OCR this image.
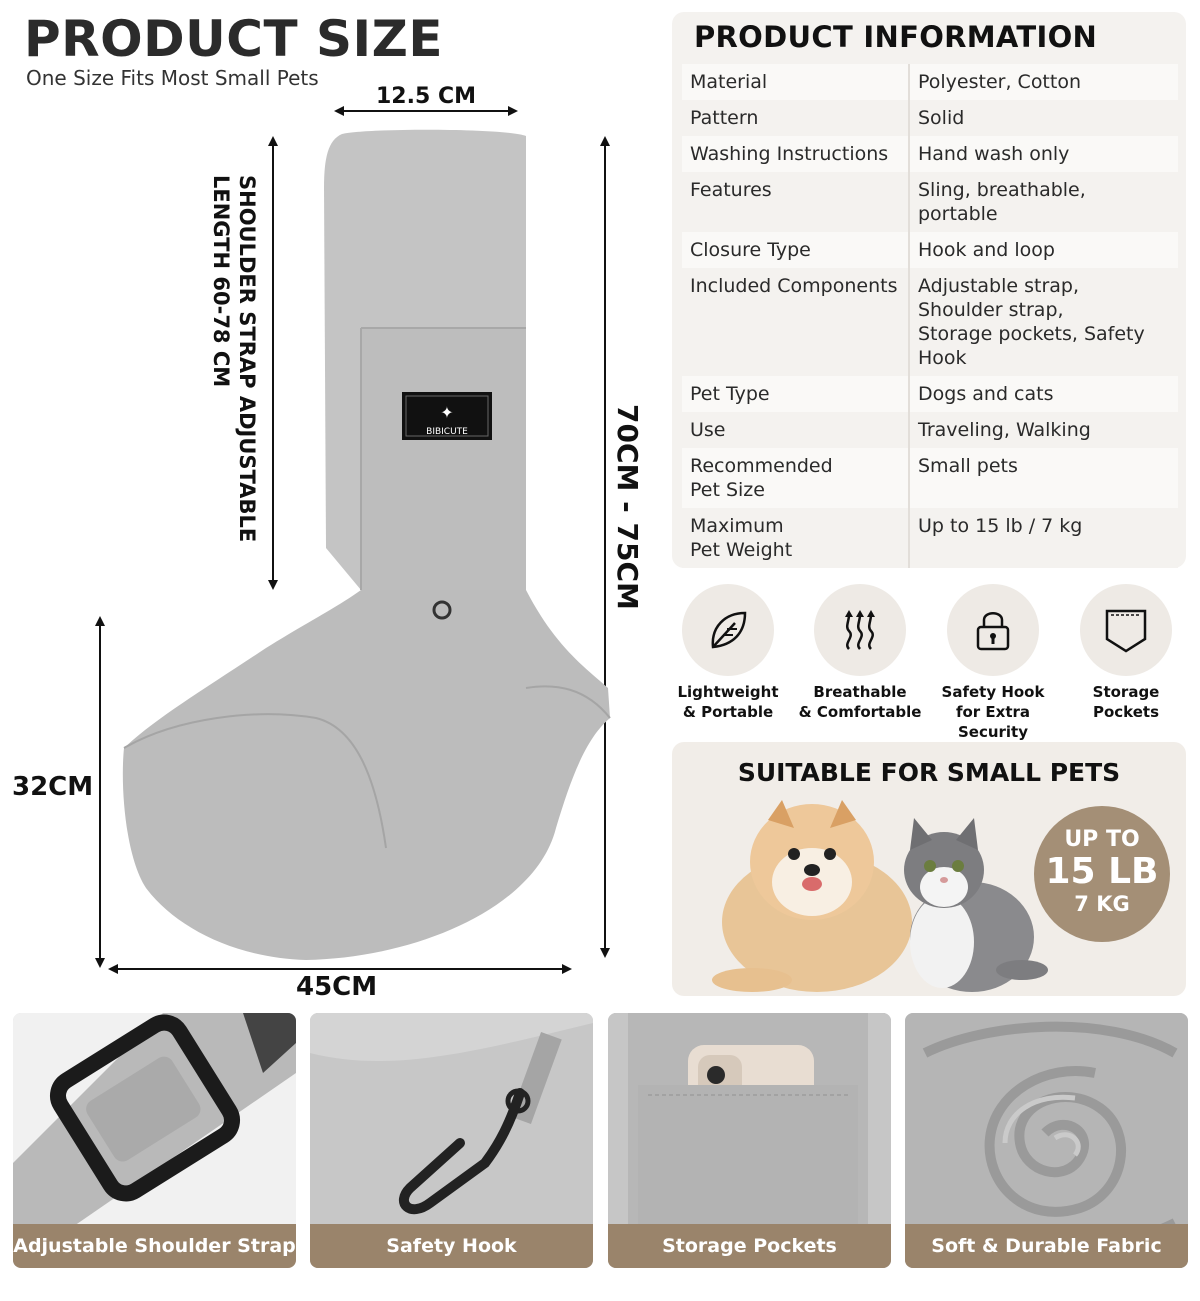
PRODUCT SIZE
One Size Fits Most Small Pets
12.5 CM
SHOULDER STRAP ADJUSTABLE LENGTH 60-78 CM
70CM - 75CM
32CM
45CM
BIBICUTE
✦
PRODUCT INFORMATION
Material	Polyester, Cotton
Pattern	Solid
Washing Instructions	Hand wash only
Features	Sling, breathable, portable
Closure Type	Hook and loop
Included Components	Adjustable strap,
Shoulder strap,
Storage pockets, Safety Hook
Pet Type	Dogs and cats
Use	Traveling, Walking
Recommended
Pet Size	Small pets
Maximum
Pet Weight	Up to 15 lb / 7 kg
Lightweight
& Portable
Breathable
& Comfortable
Safety Hook
for Extra Security
Storage
Pockets
SUITABLE FOR SMALL PETS
UP TO
15 LB
7 KG
Adjustable Shoulder Strap	Safety Hook	Storage Pockets	Soft & Durable Fabric
